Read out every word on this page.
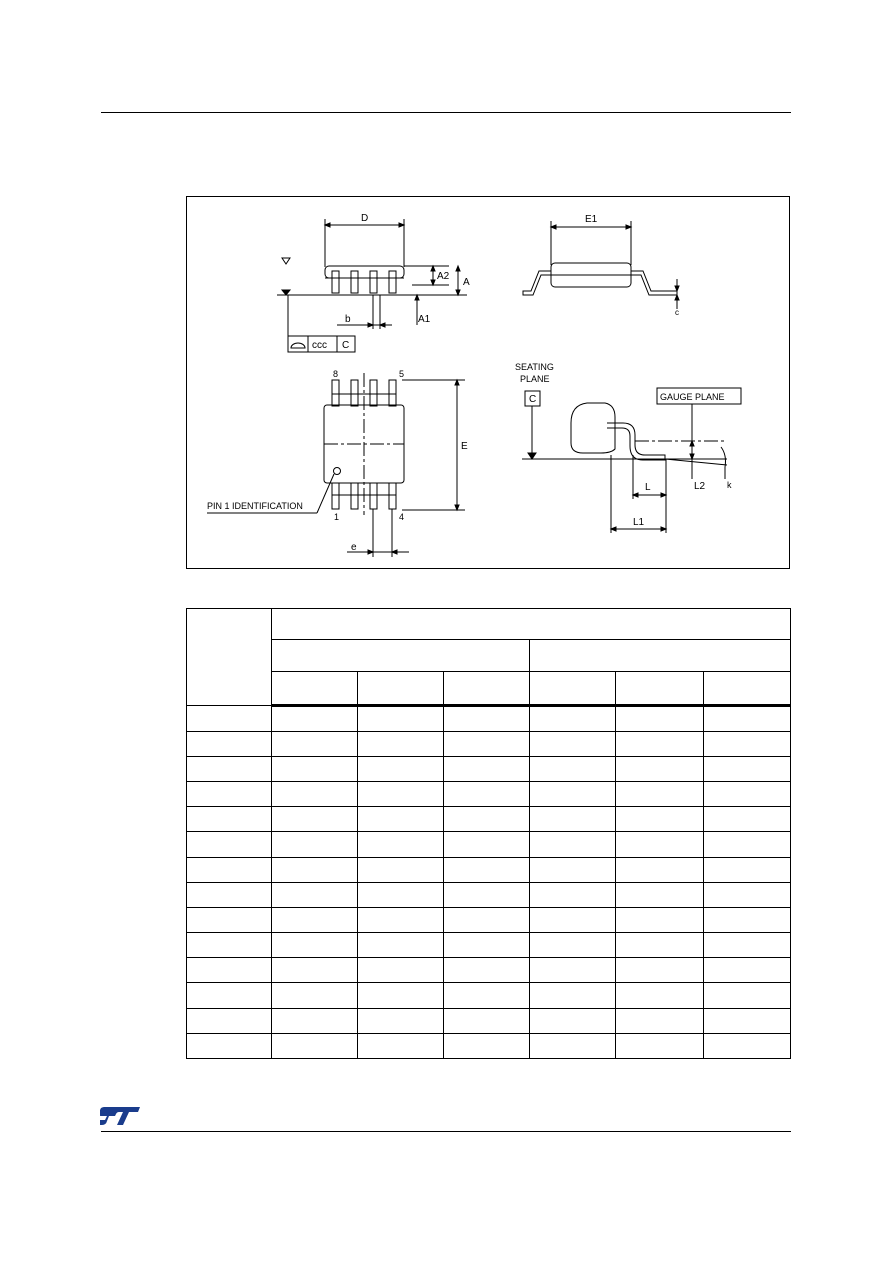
D
A2
A
A1
b
ccc C
E1
c
8	5
1	4
E
PIN 1 IDENTIFICATION
e
SEATING
PLANE
C	GAUGE PLANE
L
L1
L2 k
